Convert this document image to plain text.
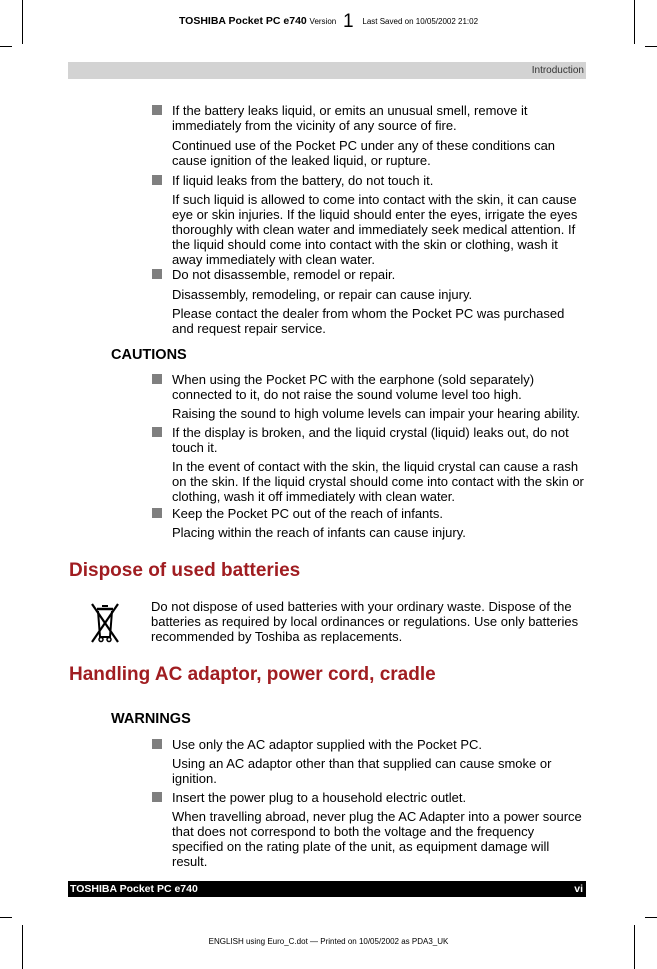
TOSHIBA Pocket PC e740 Version 1 Last Saved on 10/05/2002 21:02
Introduction
If the battery leaks liquid, or emits an unusual smell, remove it immediately from the vicinity of any source of fire.
Continued use of the Pocket PC under any of these conditions can cause ignition of the leaked liquid, or rupture.
If liquid leaks from the battery, do not touch it.
If such liquid is allowed to come into contact with the skin, it can cause eye or skin injuries. If the liquid should enter the eyes, irrigate the eyes thoroughly with clean water and immediately seek medical attention. If the liquid should come into contact with the skin or clothing, wash it away immediately with clean water.
Do not disassemble, remodel or repair.
Disassembly, remodeling, or repair can cause injury.
Please contact the dealer from whom the Pocket PC was purchased and request repair service.
CAUTIONS
When using the Pocket PC with the earphone (sold separately) connected to it, do not raise the sound volume level too high.
Raising the sound to high volume levels can impair your hearing ability.
If the display is broken, and the liquid crystal (liquid) leaks out, do not touch it.
In the event of contact with the skin, the liquid crystal can cause a rash on the skin. If the liquid crystal should come into contact with the skin or clothing, wash it off immediately with clean water.
Keep the Pocket PC out of the reach of infants.
Placing within the reach of infants can cause injury.
Dispose of used batteries
Do not dispose of used batteries with your ordinary waste. Dispose of the batteries as required by local ordinances or regulations. Use only batteries recommended by Toshiba as replacements.
Handling AC adaptor, power cord, cradle
WARNINGS
Use only the AC adaptor supplied with the Pocket PC.
Using an AC adaptor other than that supplied can cause smoke or ignition.
Insert the power plug to a household electric outlet.
When travelling abroad, never plug the AC Adapter into a power source that does not correspond to both the voltage and the frequency specified on the rating plate of the unit, as equipment damage will result.
TOSHIBA Pocket PC e740	vi
ENGLISH using Euro_C.dot — Printed on 10/05/2002 as PDA3_UK
